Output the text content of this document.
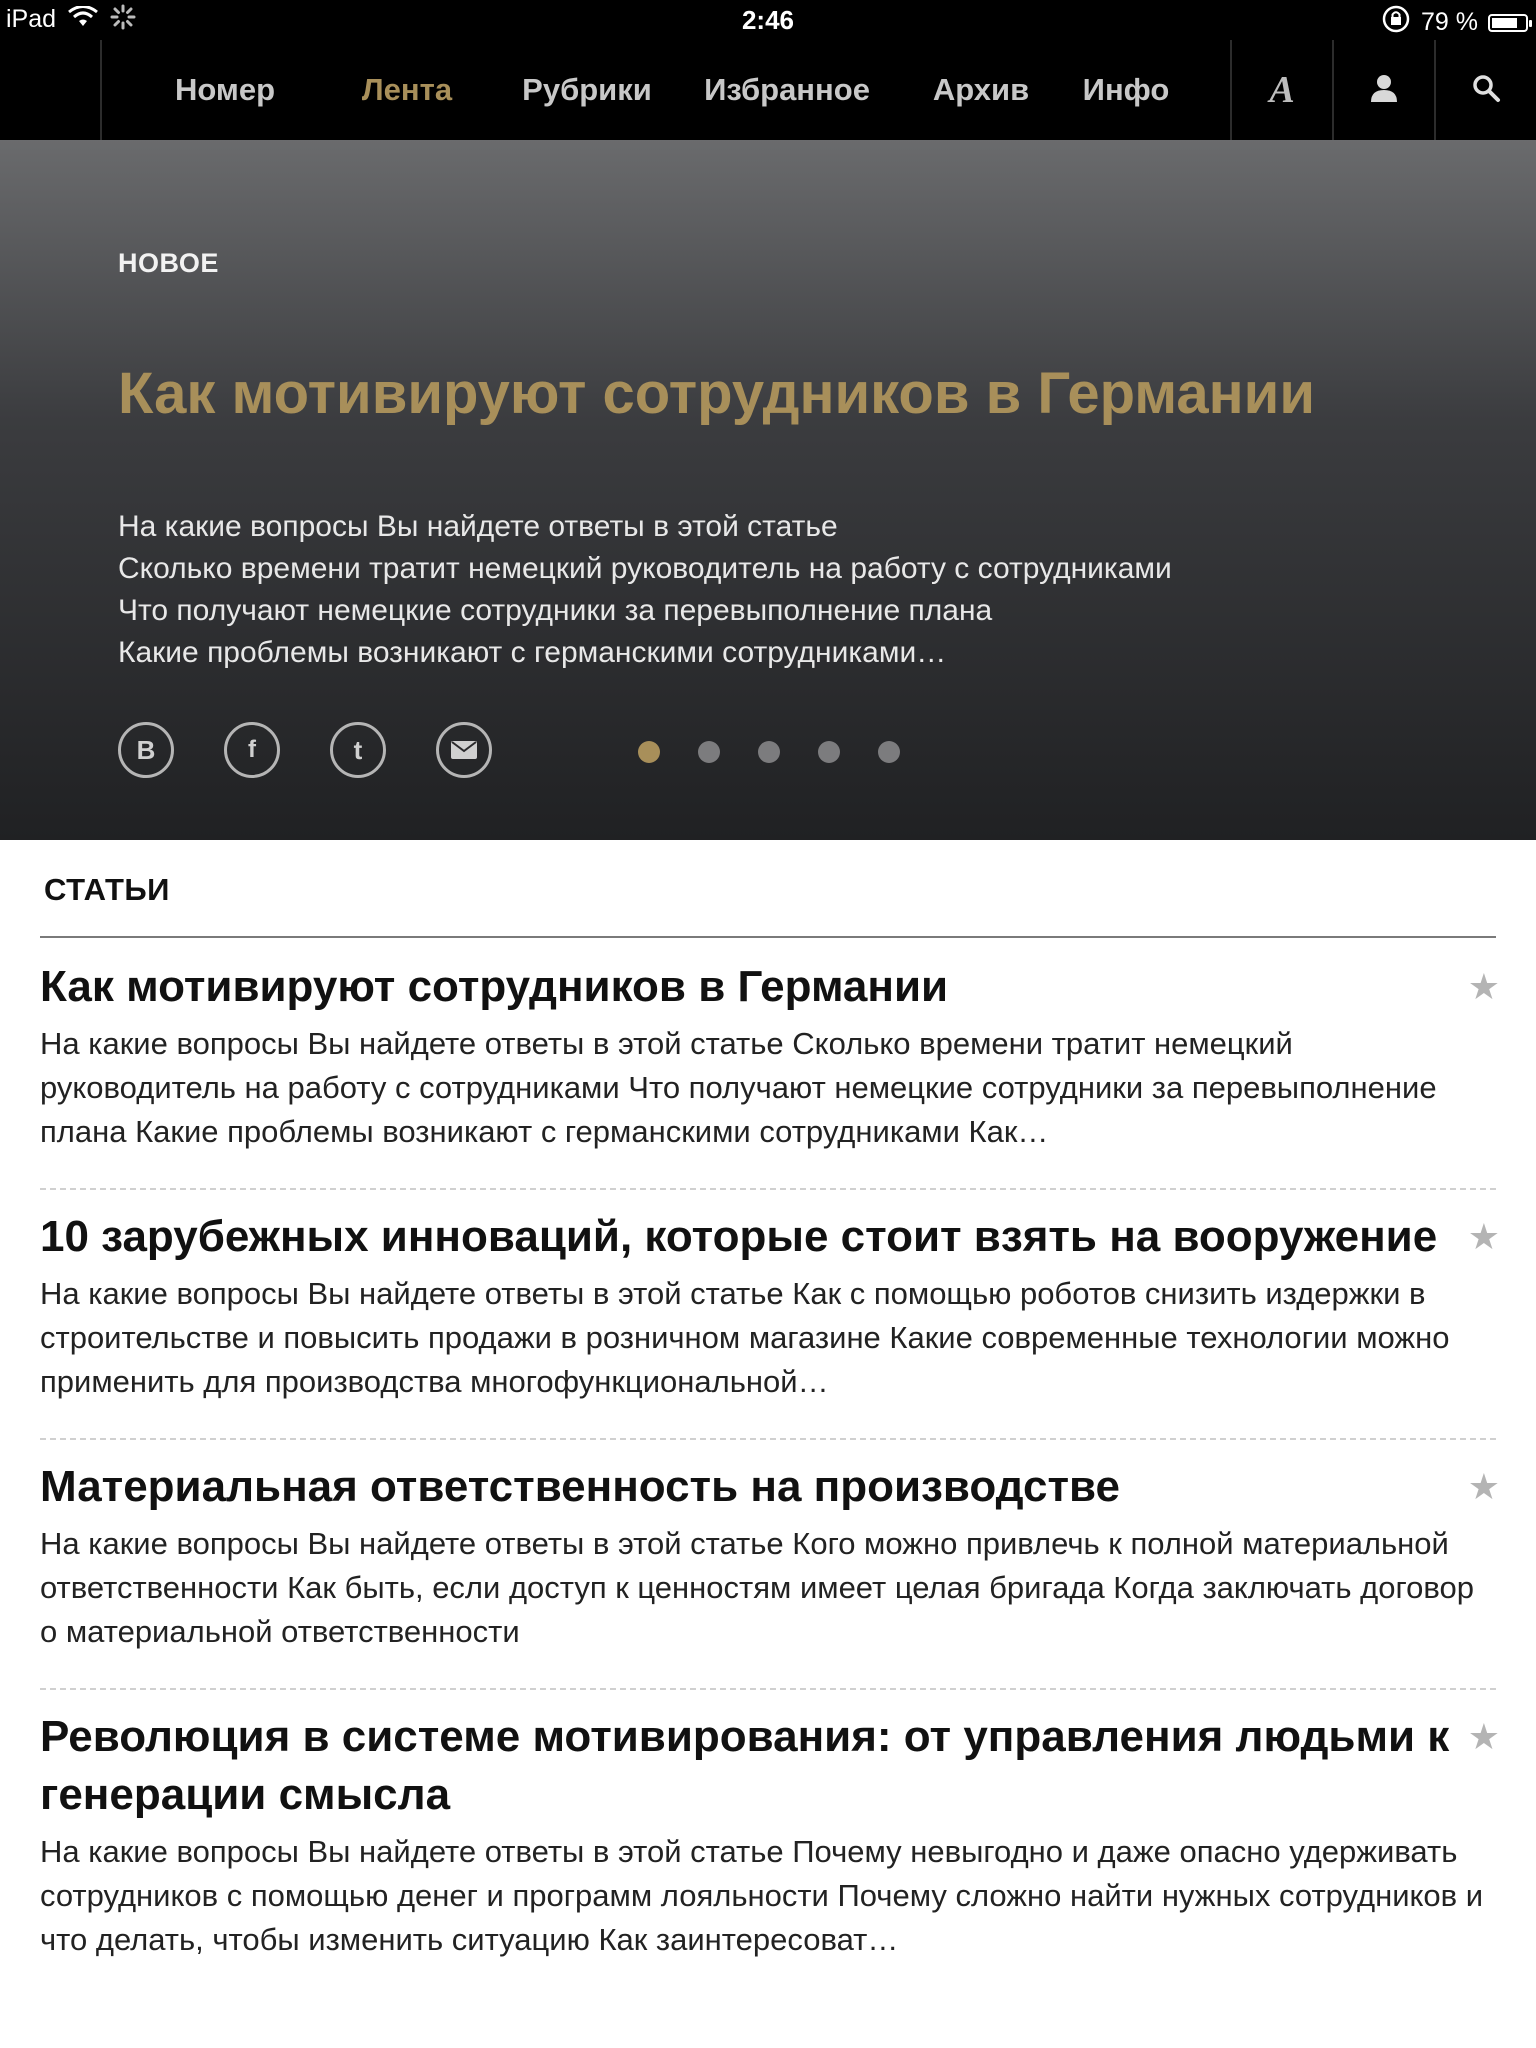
iPad	2:46	79 %
Номер	Лента	Рубрики	Избранное	Архив	Инфо	A
НОВОЕ
Как мотивируют сотрудников в Германии
На какие вопросы Вы найдете ответы в этой статье
Сколько времени тратит немецкий руководитель на работу с сотрудниками
Что получают немецкие сотрудники за перевыполнение плана
Какие проблемы возникают с германскими сотрудниками…
В	f	t
СТАТЬИ
Как мотивируют сотрудников в Германии
На какие вопросы Вы найдете ответы в этой статье Сколько времени тратит немецкий руководитель на работу с сотрудниками Что получают немецкие сотрудники за перевыполнение плана Какие проблемы возникают с германскими сотрудниками Как…
★
10 зарубежных инноваций, которые стоит взять на вооружение
На какие вопросы Вы найдете ответы в этой статье Как с помощью роботов снизить издержки в строительстве и повысить продажи в розничном магазине Какие современные технологии можно применить для производства многофункциональной…
★
Материальная ответственность на производстве
На какие вопросы Вы найдете ответы в этой статье Кого можно привлечь к полной материальной ответственности Как быть, если доступ к ценностям имеет целая бригада Когда заключать договор о материальной ответственности
★
Революция в системе мотивирования: от управления людьми к генерации смысла
На какие вопросы Вы найдете ответы в этой статье Почему невыгодно и даже опасно удерживать сотрудников с помощью денег и программ лояльности Почему сложно найти нужных сотрудников и что делать, чтобы изменить ситуацию Как заинтересоват…
★
